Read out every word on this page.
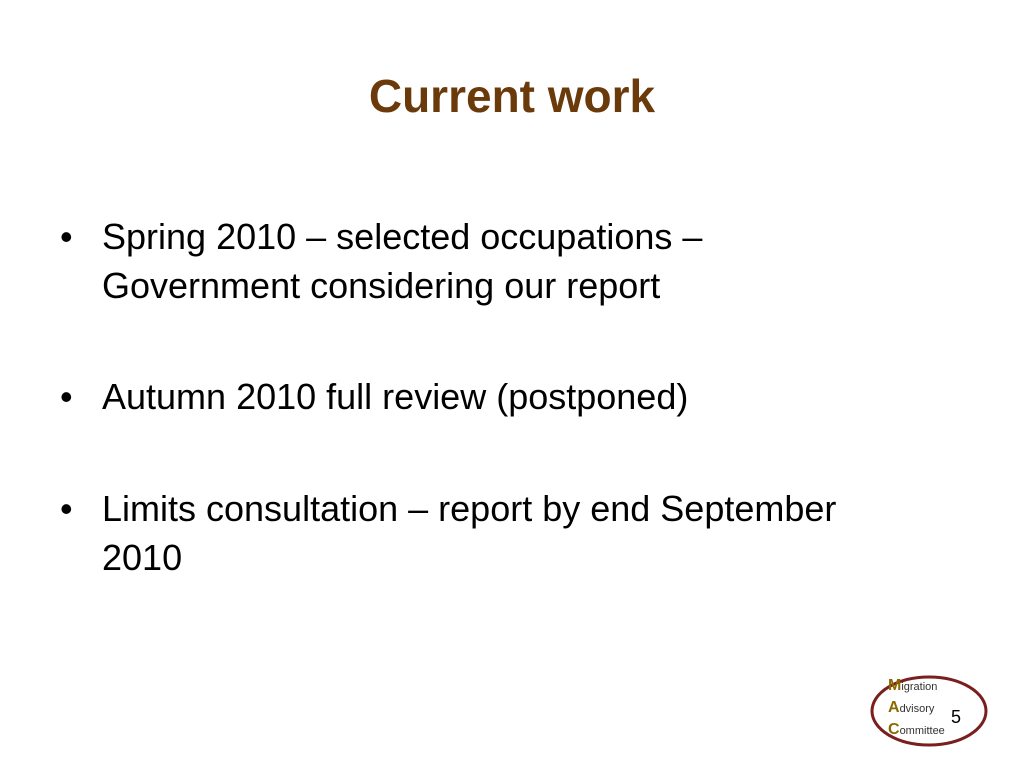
Current work
• Spring 2010 – selected occupations – Government considering our report
• Autumn 2010 full review (postponed)
• Limits consultation – report by end September 2010
Migration
Advisory
Committee
5
